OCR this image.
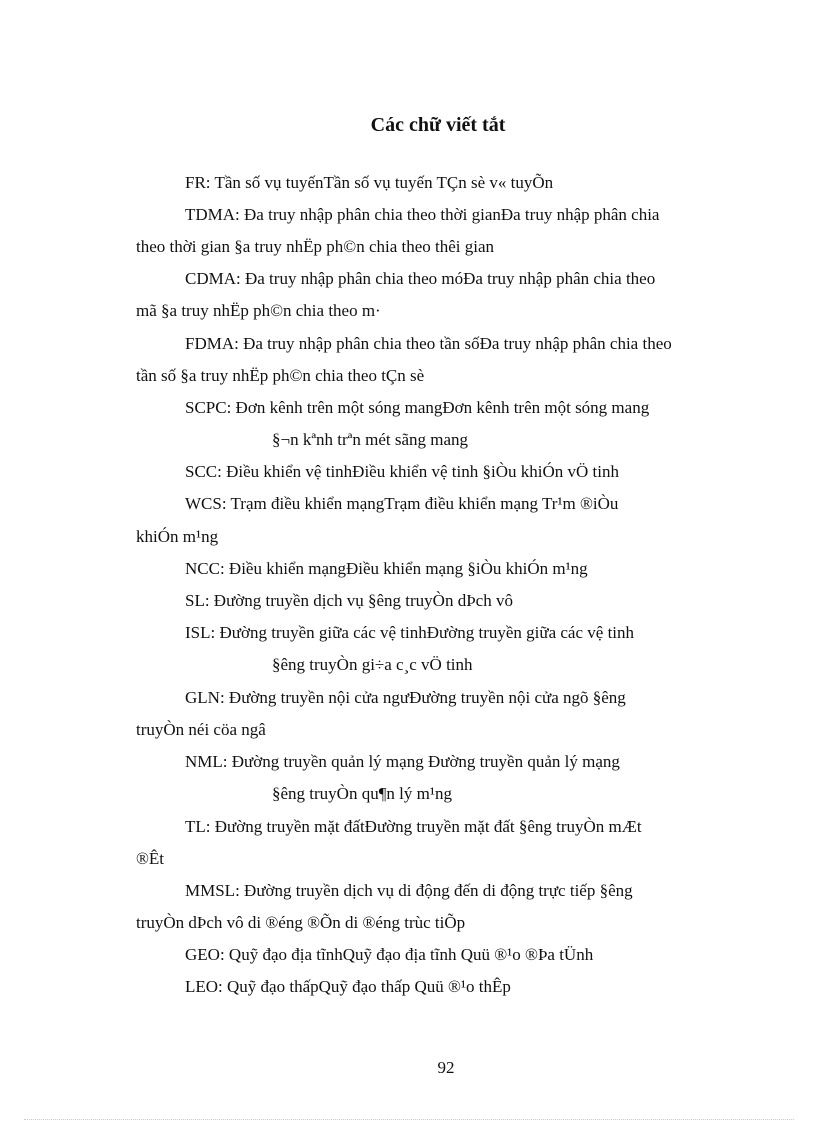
Các chữ viết tắt
FR: Tần số vụ tuyếnTần số vụ tuyến TÇn sè v« tuyÕn
TDMA: Đa truy nhập phân chia theo thời gianĐa truy nhập phân chia
theo thời gian §a truy nhËp ph©n chia theo thêi gian
CDMA: Đa truy nhập phân chia theo móĐa truy nhập phân chia theo
mã §a truy nhËp ph©n chia theo m·
FDMA: Đa truy nhập phân chia theo tần sốĐa truy nhập phân chia theo
tần số §a truy nhËp ph©n chia theo tÇn sè
SCPC: Đơn kênh trên một sóng mangĐơn kênh trên một sóng mang
§¬n kªnh trªn mét sãng mang
SCC: Điều khiển vệ tinhĐiều khiển vệ tinh §iÒu khiÓn vÖ tinh
WCS: Trạm điều khiển mạngTrạm điều khiển mạng Tr¹m ®iÒu
khiÓn m¹ng
NCC: Điều khiển mạngĐiều khiển mạng §iÒu khiÓn m¹ng
SL: Đường truyền dịch vụ §êng truyÒn dÞch vô
ISL: Đường truyền giữa các vệ tinhĐường truyền giữa các vệ tinh
§êng truyÒn gi÷a c¸c vÖ tinh
GLN: Đường truyền nội cửa ngưĐường truyền nội cửa ngõ §êng
truyÒn néi cöa ngâ
NML: Đường truyền quản lý mạng Đường truyền quản lý mạng
§êng truyÒn qu¶n lý m¹ng
TL: Đường truyền mặt đấtĐường truyền mặt đất §êng truyÒn mÆt
®Êt
MMSL: Đường truyền dịch vụ di động đến di động trực tiếp §êng
truyÒn dÞch vô di ®éng ®Õn di ®éng trùc tiÕp
GEO: Quỹ đạo địa tĩnhQuỹ đạo địa tĩnh Quü ®¹o ®Þa tÜnh
LEO: Quỹ đạo thấpQuỹ đạo thấp Quü ®¹o thÊp
92
